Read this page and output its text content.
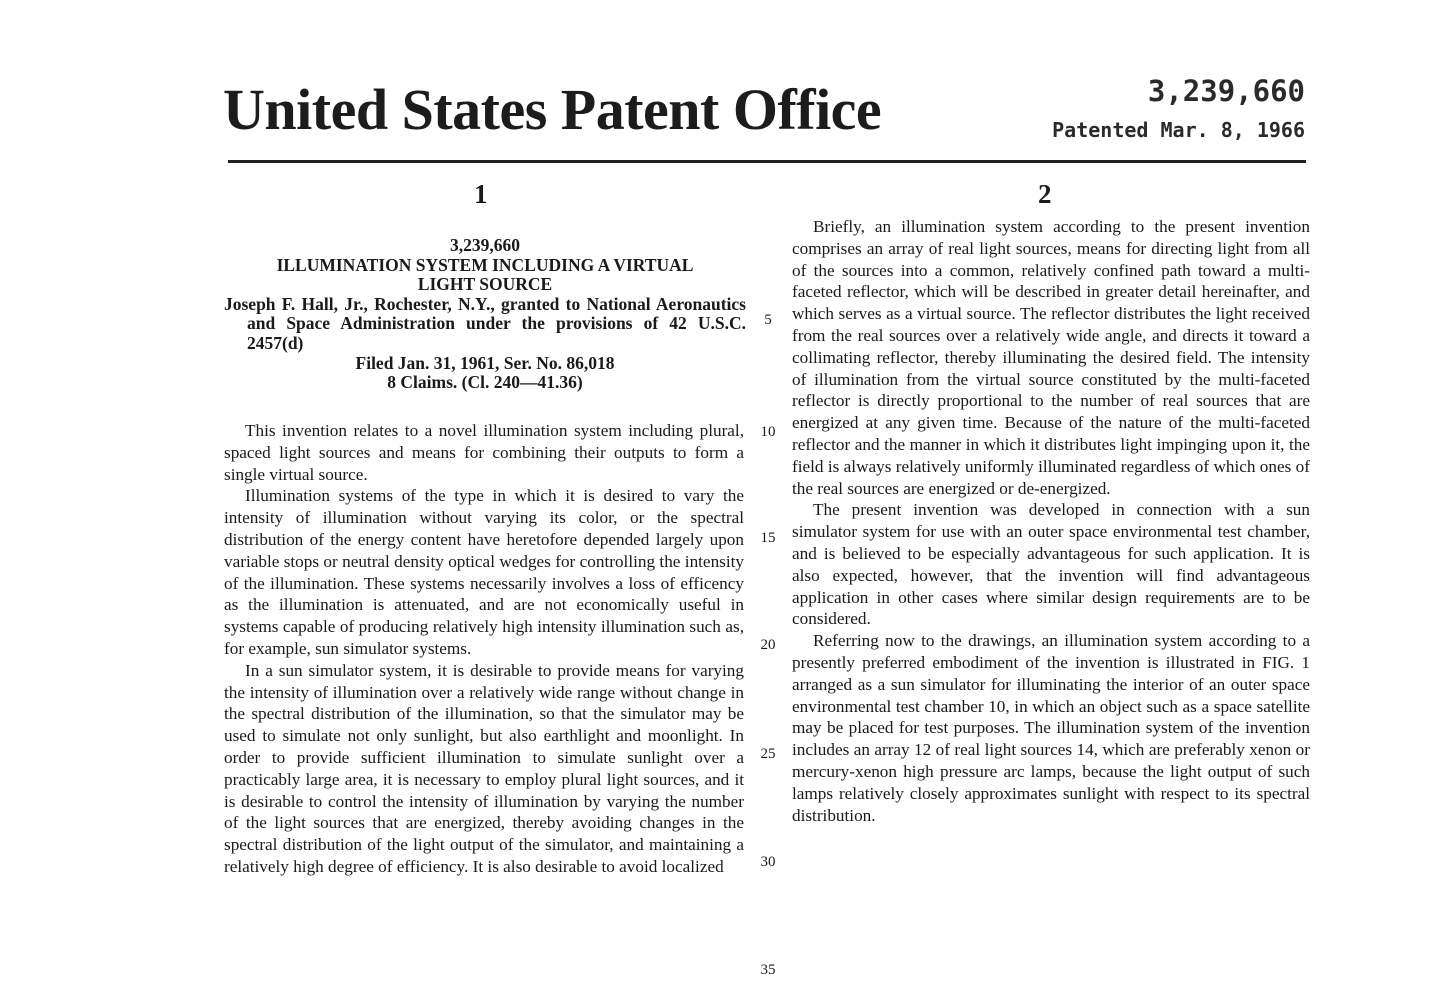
United States Patent Office	3,239,660
Patented Mar. 8, 1966
1	2
3,239,660
ILLUMINATION SYSTEM INCLUDING A VIRTUAL
LIGHT SOURCE
Joseph F. Hall, Jr., Rochester, N.Y., granted to National Aeronautics and Space Administration under the provisions of 42 U.S.C. 2457(d)
Filed Jan. 31, 1961, Ser. No. 86,018
8 Claims. (Cl. 240—41.36)

This invention relates to a novel illumination system including plural, spaced light sources and means for combining their outputs to form a single virtual source.

Illumination systems of the type in which it is desired to vary the intensity of illumination without varying its color, or the spectral distribution of the energy content have heretofore depended largely upon variable stops or neutral density optical wedges for controlling the intensity of the illumination. These systems necessarily involves a loss of efficency as the illumination is attenuated, and are not economically useful in systems capable of producing relatively high intensity illumination such as, for example, sun simulator systems.

In a sun simulator system, it is desirable to provide means for varying the intensity of illumination over a relatively wide range without change in the spectral distribution of the illumination, so that the simulator may be used to simulate not only sunlight, but also earthlight and moonlight. In order to provide sufficient illumination to simulate sunlight over a practicably large area, it is necessary to employ plural light sources, and it is desirable to control the intensity of illumination by varying the number of the light sources that are energized, thereby avoiding changes in the spectral distribution of the light output of the simulator, and maintaining a relatively high degree of efficiency. It is also desirable to avoid localized

Briefly, an illumination system according to the present invention comprises an array of real light sources, means for directing light from all of the sources into a common, relatively confined path toward a multi-faceted reflector, which will be described in greater detail hereinafter, and which serves as a virtual source. The reflector distributes the light received from the real sources over a relatively wide angle, and directs it toward a collimating reflector, thereby illuminating the desired field. The intensity of illumination from the virtual source constituted by the multi-faceted reflector is directly proportional to the number of real sources that are energized at any given time. Because of the nature of the multi-faceted reflector and the manner in which it distributes light impinging upon it, the field is always relatively uniformly illuminated regardless of which ones of the real sources are energized or de-energized.

The present invention was developed in connection with a sun simulator system for use with an outer space environmental test chamber, and is believed to be especially advantageous for such application. It is also expected, however, that the invention will find advantageous application in other cases where similar design requirements are to be considered.

Referring now to the drawings, an illumination system according to a presently preferred embodiment of the invention is illustrated in FIG. 1 arranged as a sun simulator for illuminating the interior of an outer space environmental test chamber 10, in which an object such as a space satellite may be placed for test purposes. The illumination system of the invention includes an array 12 of real light sources 14, which are preferably xenon or mercury-xenon high pressure arc lamps, because the light output of such lamps relatively closely approximates sunlight with respect to its spectral distribution.

5
10
15
20
25
30
35
